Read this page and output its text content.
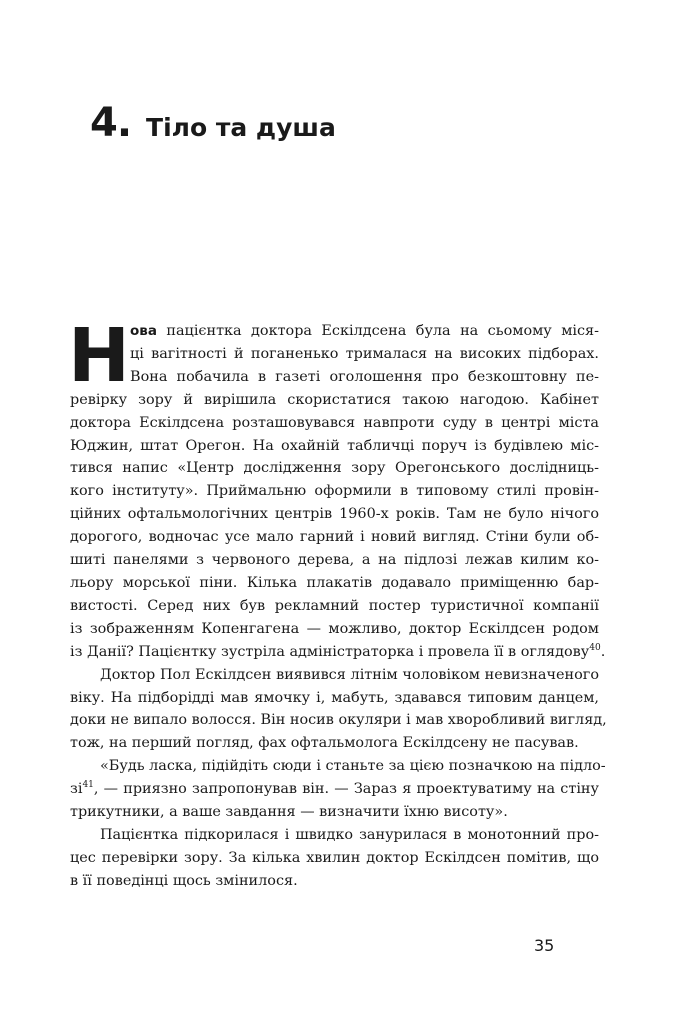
4 . Тіло та душа
Н ова пацієнтка доктора Ескілдсена була на сьомому міся-
ці вагітності й поганенько трималася на високих підборах.
Вона побачила в газеті оголошення про безкоштовну пе-
ревірку зору й вирішила скористатися такою нагодою. Кабінет
доктора Ескілдсена розташовувався навпроти суду в центрі міста
Юджин, штат Орегон. На охайній табличці поруч із будівлею міс-
тився напис «Центр дослідження зору Орегонського дослідниць-
кого інституту». Приймальню оформили в типовому стилі провін-
ційних офтальмологічних центрів 1960-х років. Там не було нічого
дорогого, водночас усе мало гарний і новий вигляд. Стіни були об-
шиті панелями з червоного дерева, а на підлозі лежав килим ко-
льору морської піни. Кілька плакатів додавало приміщенню бар-
вистості. Серед них був рекламний постер туристичної компанії
із зображенням Копенгагена — можливо, доктор Ескілдсен родом
із Данії? Пацієнтку зустріла адміністраторка і провела її в оглядову$^{40}$.
Доктор Пол Ескілдсен виявився літнім чоловіком невизначеного
віку. На підборідді мав ямочку і, мабуть, здавався типовим данцем,
доки не випало волосся. Він носив окуляри і мав хворобливий вигляд,
тож, на перший погляд, фах офтальмолога Ескілдсену не пасував.
«Будь ласка, підійдіть сюди і станьте за цією позначкою на підло-
$зі^{41}$, — приязно запропонував він. — Зараз я проектуватиму на стіну
трикутники, а ваше завдання — визначити їхню висоту».
Пацієнтка підкорилася і швидко занурилася в монотонний про-
цес перевірки зору. За кілька хвилин доктор Ескілдсен помітив, що
в її поведінці щось змінилося.
35
